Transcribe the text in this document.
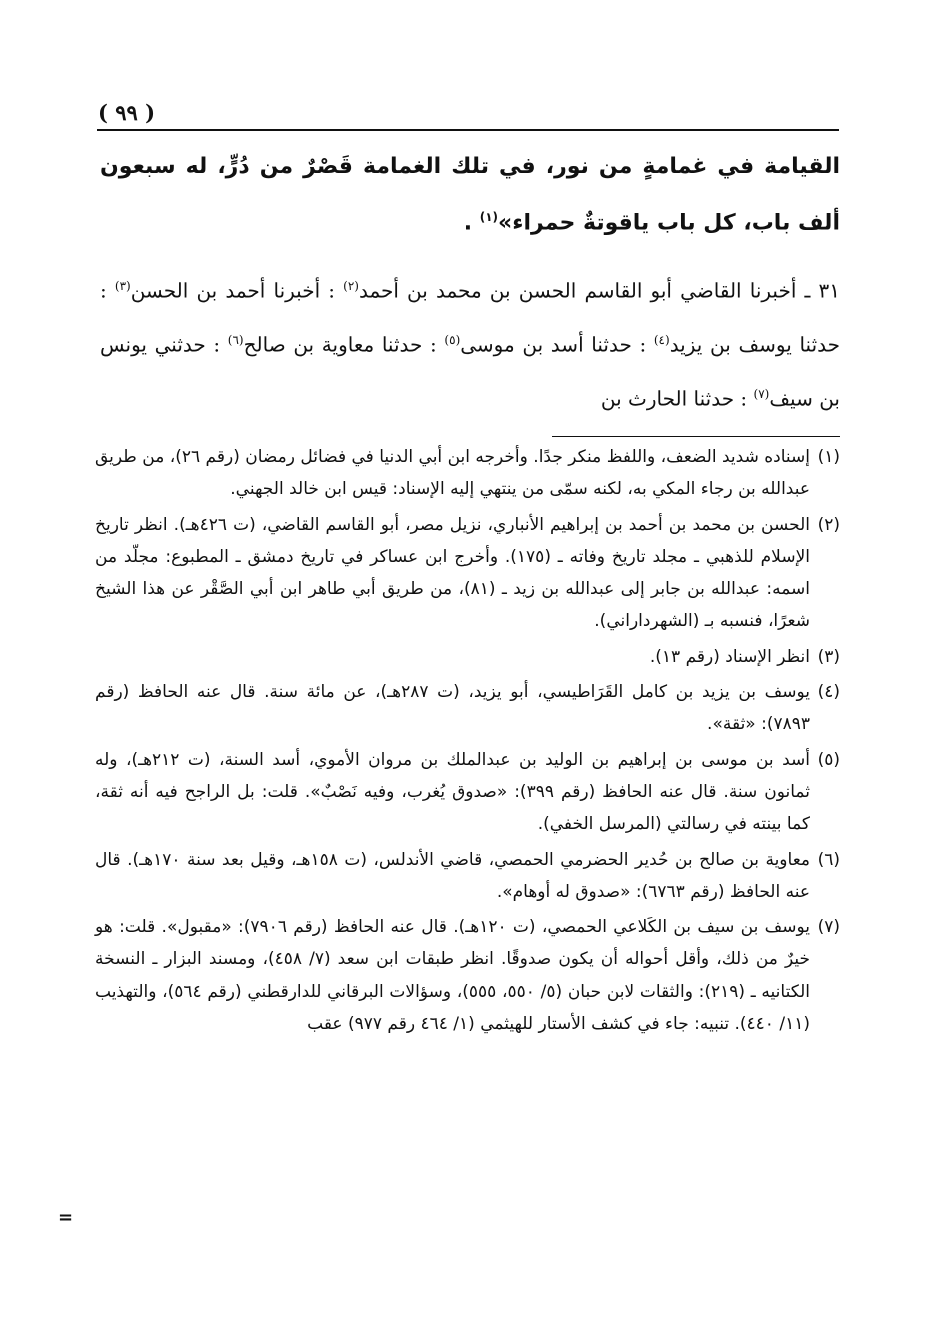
( ٩٩ )

القيامة في غمامةٍ من نور، في تلك الغمامة قَصْرٌ من دُرٍّ، له سبعون ألف باب، كل باب ياقوتةٌ حمراء»$^{(١)}$ .

٣١ ـ أخبرنا القاضي أبو القاسم الحسن بن محمد بن أحمد$^{(٢)}$ : أخبرنا أحمد بن الحسن$^{(٣)}$ : حدثنا يوسف بن يزيد$^{(٤)}$ : حدثنا أسد بن موسى$^{(٥)}$ : حدثنا معاوية بن صالح$^{(٦)}$ : حدثني يونس بن سيف$^{(٧)}$ : حدثنا الحارث بن

(١)إسناده شديد الضعف، واللفظ منكر جدًا. وأخرجه ابن أبي الدنيا في فضائل رمضان (رقم ٢٦)، من طريق عبدالله بن رجاء المكي به، لكنه سمّى من ينتهي إليه الإسناد: قيس ابن خالد الجهني.

(٢)الحسن بن محمد بن أحمد بن إبراهيم الأنباري، نزيل مصر، أبو القاسم القاضي، (ت ٤٢٦هـ). انظر تاريخ الإسلام للذهبي ـ مجلد تاريخ وفاته ـ (١٧٥). وأخرج ابن عساكر في تاريخ دمشق ـ المطبوع: مجلّد من اسمه: عبدالله بن جابر إلى عبدالله بن زيد ـ (٨١)، من طريق أبي طاهر ابن أبي الصَّقْر عن هذا الشيخ شعرًا، فنسبه بـ (الشهرداراني).

(٣)انظر الإسناد (رقم ١٣).

(٤)يوسف بن يزيد بن كامل القَرَاطيسي، أبو يزيد، (ت ٢٨٧هـ)، عن مائة سنة. قال عنه الحافظ (رقم ٧٨٩٣): «ثقة».

(٥)أسد بن موسى بن إبراهيم بن الوليد بن عبدالملك بن مروان الأموي، أسد السنة، (ت ٢١٢هـ)، وله ثمانون سنة. قال عنه الحافظ (رقم ٣٩٩): «صدوق يُغرب، وفيه نَصْبٌ». قلت: بل الراجح فيه أنه ثقة، كما بينته في رسالتي (المرسل الخفي).

(٦)معاوية بن صالح بن حُدير الحضرمي الحمصي، قاضي الأندلس، (ت ١٥٨هـ، وقيل بعد سنة ١٧٠هـ). قال عنه الحافظ (رقم ٦٧٦٣): «صدوق له أوهام».

(٧)يوسف بن سيف بن الكَلاعي الحمصي، (ت ١٢٠هـ). قال عنه الحافظ (رقم ٧٩٠٦): «مقبول». قلت: هو خيرٌ من ذلك، وأقل أحواله أن يكون صدوقًا. انظر طبقات ابن سعد (٧/ ٤٥٨)، ومسند البزار ـ النسخة الكتانيه ـ (٢١٩): والثقات لابن حبان (٥/ ٥٥٠، ٥٥٥)، وسؤالات البرقاني للدارقطني (رقم ٥٦٤)، والتهذيب (١١/ ٤٤٠). تنبيه: جاء في كشف الأستار للهيثمي (١/ ٤٦٤ رقم ٩٧٧) عقب

=
